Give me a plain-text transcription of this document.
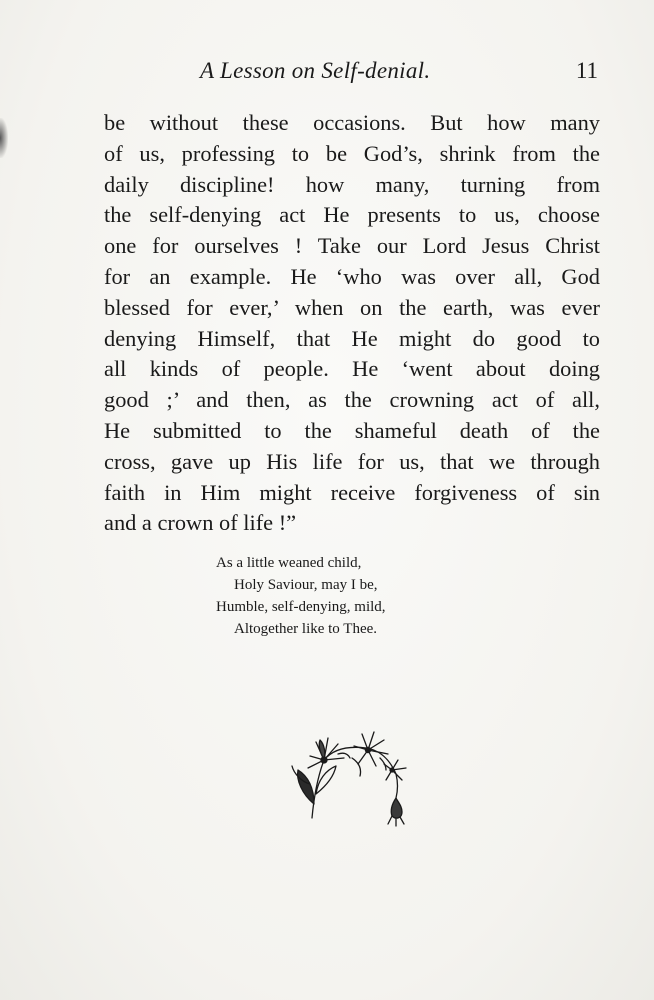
A Lesson on Self-denial.	11
be without these occasions. But how many
of us, professing to be God’s, shrink from the
daily discipline! how many, turning from
the self-denying act He presents to us, choose
one for ourselves ! Take our Lord Jesus Christ
for an example. He ‘who was over all, God
blessed for ever,’ when on the earth, was ever
denying Himself, that He might do good to
all kinds of people. He ‘went about doing
good ;’ and then, as the crowning act of all,
He submitted to the shameful death of the
cross, gave up His life for us, that we through
faith in Him might receive forgiveness of sin
and a crown of life !”
As a little weaned child,
Holy Saviour, may I be,
Humble, self-denying, mild,
Altogether like to Thee.
